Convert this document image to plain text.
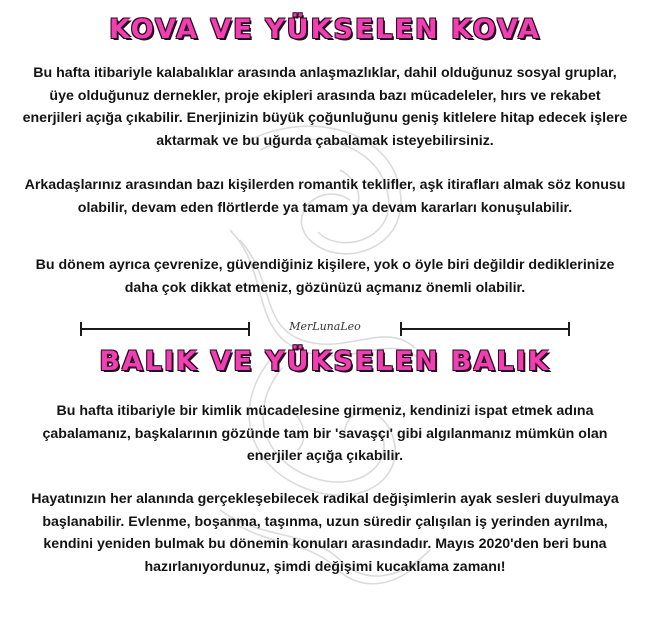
KOVA VE YÜKSELEN KOVA

Bu hafta itibariyle kalabalıklar arasında anlaşmazlıklar, dahil olduğunuz sosyal gruplar, üye olduğunuz dernekler, proje ekipleri arasında bazı mücadeleler, hırs ve rekabet enerjileri açığa çıkabilir. Enerjinizin büyük çoğunluğunu geniş kitlelere hitap edecek işlere aktarmak ve bu uğurda çabalamak isteyebilirsiniz.

Arkadaşlarınız arasından bazı kişilerden romantik teklifler, aşk itirafları almak söz konusu olabilir, devam eden flörtlerde ya tamam ya devam kararları konuşulabilir.

Bu dönem ayrıca çevrenize, güvendiğiniz kişilere, yok o öyle biri değildir dediklerinize daha çok dikkat etmeniz, gözünüzü açmanız önemli olabilir.

MerLunaLeo
BALIK VE YÜKSELEN BALIK

Bu hafta itibariyle bir kimlik mücadelesine girmeniz, kendinizi ispat etmek adına çabalamanız, başkalarının gözünde tam bir 'savaşçı' gibi algılanmanız mümkün olan enerjiler açığa çıkabilir.

Hayatınızın her alanında gerçekleşebilecek radikal değişimlerin ayak sesleri duyulmaya başlanabilir. Evlenme, boşanma, taşınma, uzun süredir çalışılan iş yerinden ayrılma, kendini yeniden bulmak bu dönemin konuları arasındadır. Mayıs 2020'den beri buna hazırlanıyordunuz, şimdi değişimi kucaklama zamanı!
